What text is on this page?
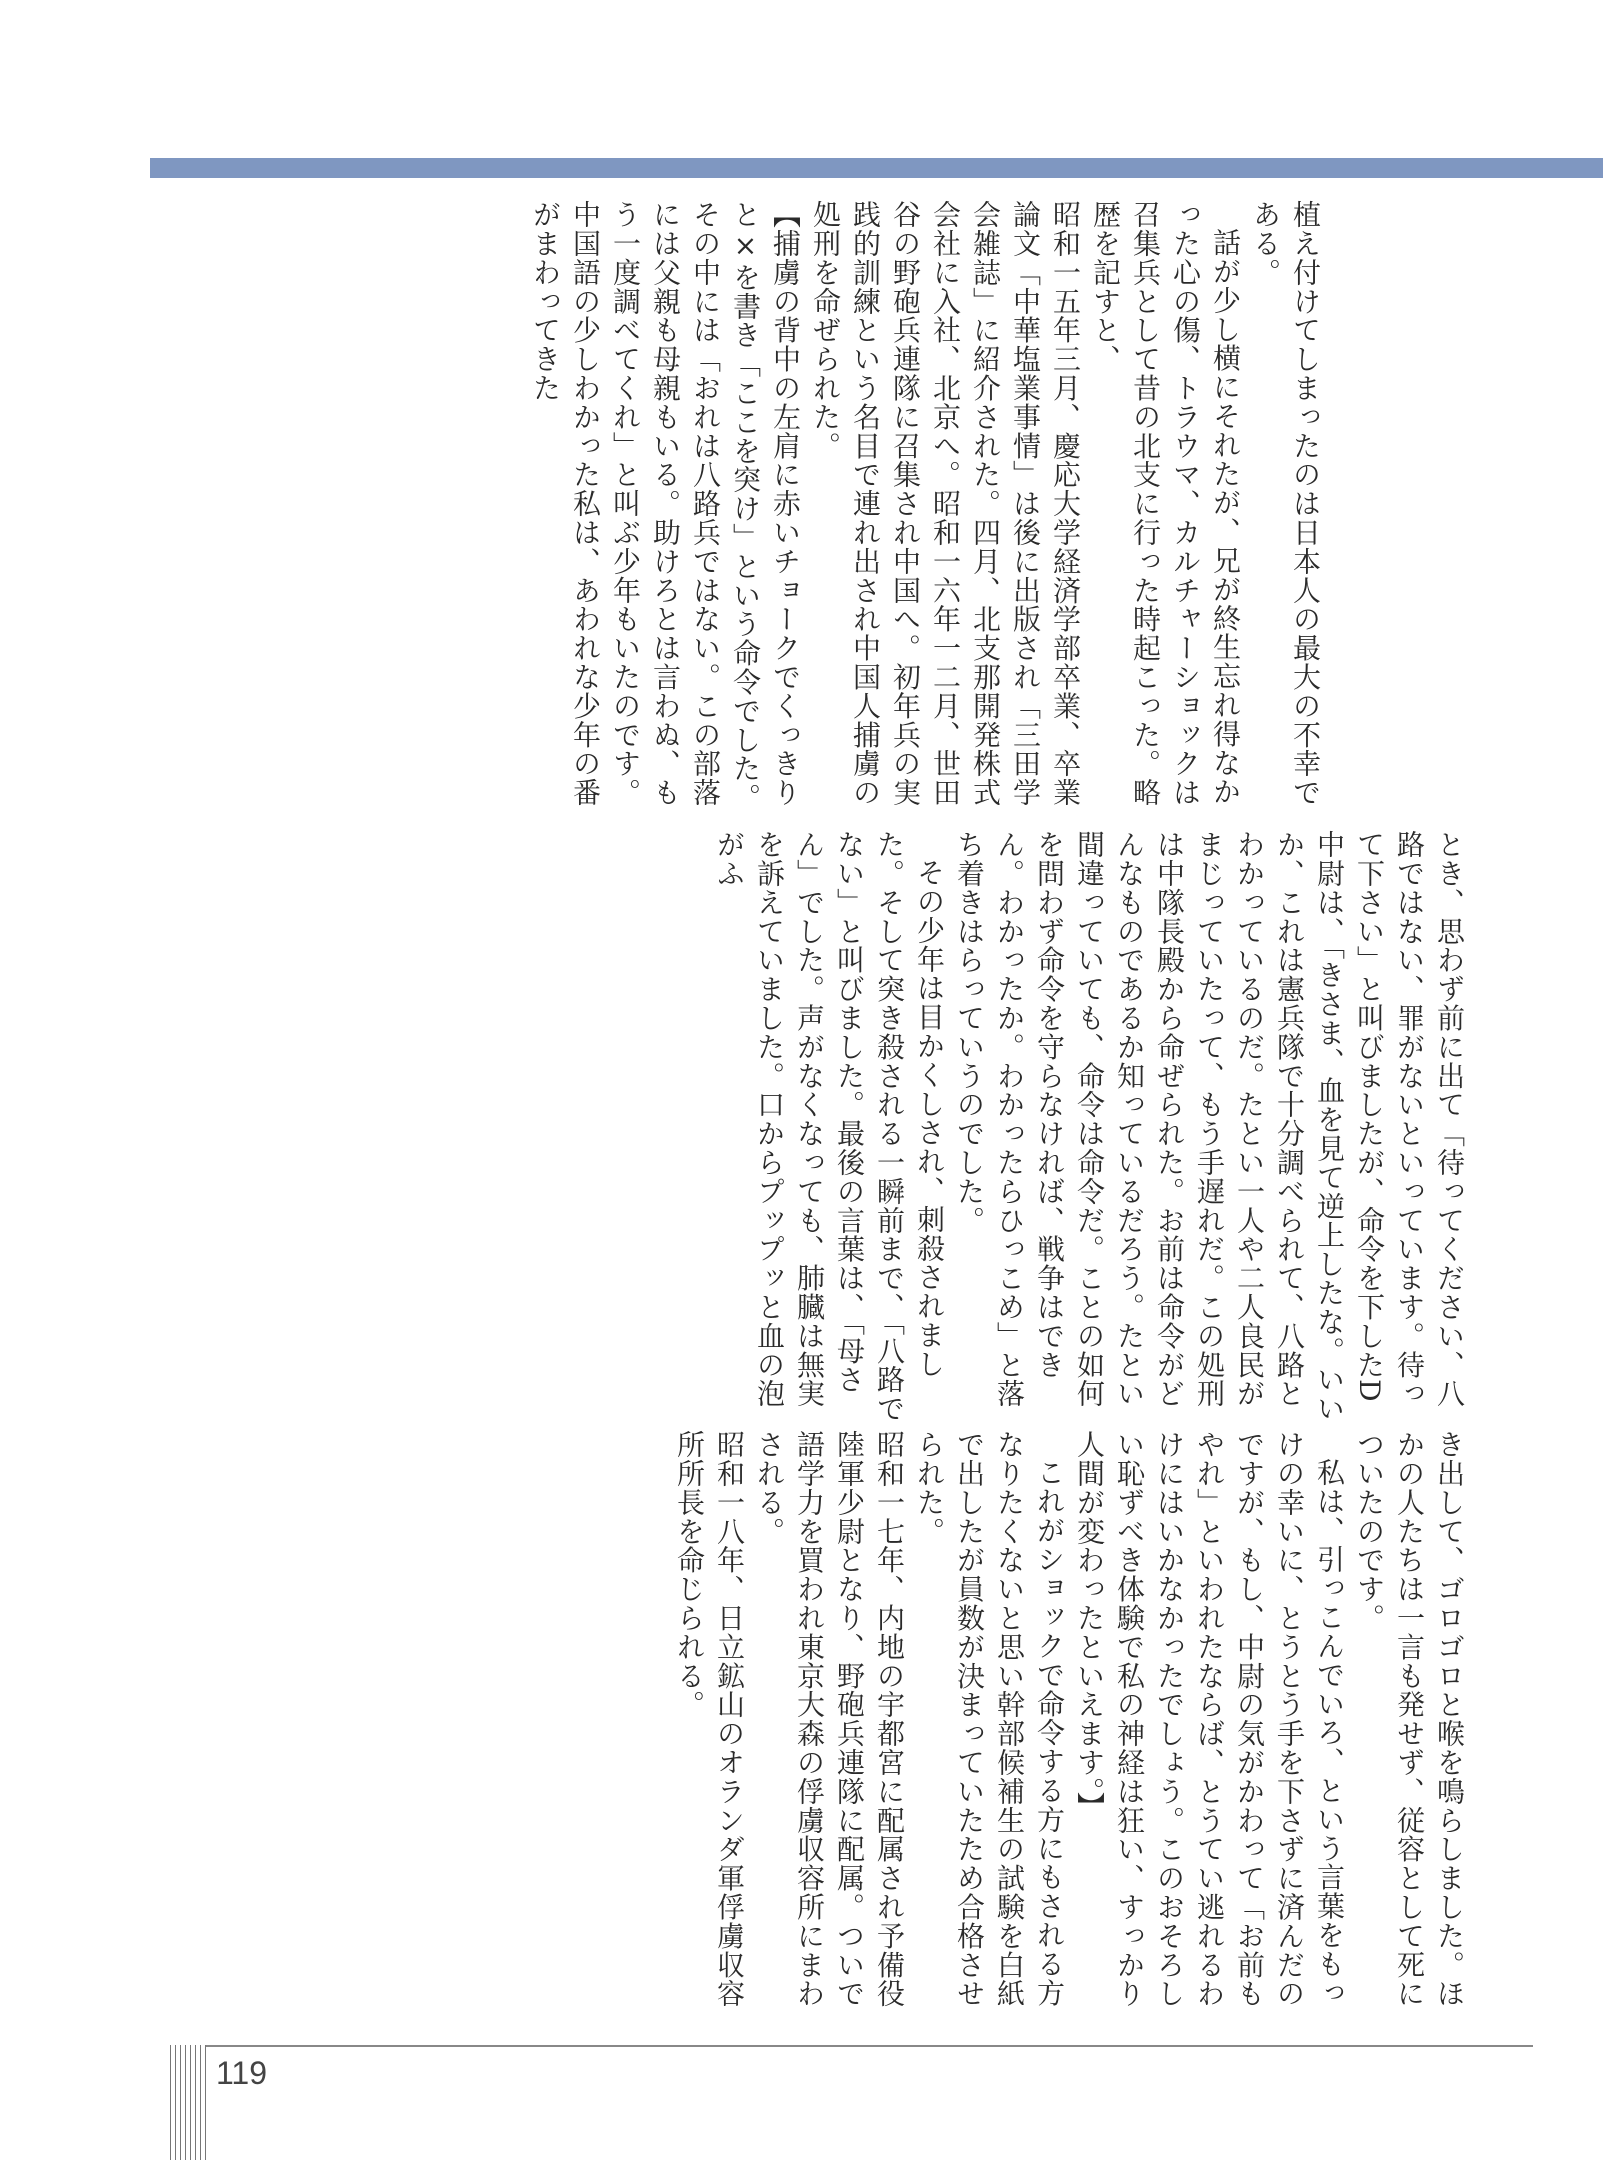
植え付けてしまったのは日本人の最大の不幸である。

話が少し横にそれたが、兄が終生忘れ得なかった心の傷、トラウマ、カルチャーショックは召集兵として昔の北支に行った時起こった。略歴を記すと、

昭和一五年三月、慶応大学経済学部卒業、卒業論文「中華塩業事情」は後に出版され「三田学会雑誌」に紹介された。四月、北支那開発株式会社に入社、北京へ。昭和一六年一二月、世田谷の野砲兵連隊に召集され中国へ。初年兵の実践的訓練という名目で連れ出され中国人捕虜の処刑を命ぜられた。

【捕虜の背中の左肩に赤いチョークでくっきりと×を書き「ここを突け」という命令でした。その中には「おれは八路兵ではない。この部落には父親も母親もいる。助けろとは言わぬ、もう一度調べてくれ」と叫ぶ少年もいたのです。中国語の少しわかった私は、あわれな少年の番がまわってきた

とき、思わず前に出て「待ってください、八路ではない、罪がないといっています。待って下さい」と叫びましたが、命令を下したD中尉は、「きさま、血を見て逆上したな。いいか、これは憲兵隊で十分調べられて、八路とわかっているのだ。たとい一人や二人良民がまじっていたって、もう手遅れだ。この処刑は中隊長殿から命ぜられた。お前は命令がどんなものであるか知っているだろう。たとい間違っていても、命令は命令だ。ことの如何を問わず命令を守らなければ、戦争はできん。わかったか。わかったらひっこめ」と落ち着きはらっていうのでした。

その少年は目かくしされ、刺殺されました。そして突き殺される一瞬前まで、「八路でない」と叫びました。最後の言葉は、「母さん」でした。声がなくなっても、肺臓は無実を訴えていました。口からプップッと血の泡がふ

き出して、ゴロゴロと喉を鳴らしました。ほかの人たちは一言も発せず、従容として死についたのです。

私は、引っこんでいろ、という言葉をもっけの幸いに、とうとう手を下さずに済んだのですが、もし、中尉の気がかわって「お前もやれ」といわれたならば、とうてい逃れるわけにはいかなかったでしょう。このおそろしい恥ずべき体験で私の神経は狂い、すっかり人間が変わったといえます。】

これがショックで命令する方にもされる方なりたくないと思い幹部候補生の試験を白紙で出したが員数が決まっていたため合格させられた。

昭和一七年、内地の宇都宮に配属され予備役陸軍少尉となり、野砲兵連隊に配属。ついで語学力を買われ東京大森の俘虜収容所にまわされる。

昭和一八年、日立鉱山のオランダ軍俘虜収容所所長を命じられる。

119
